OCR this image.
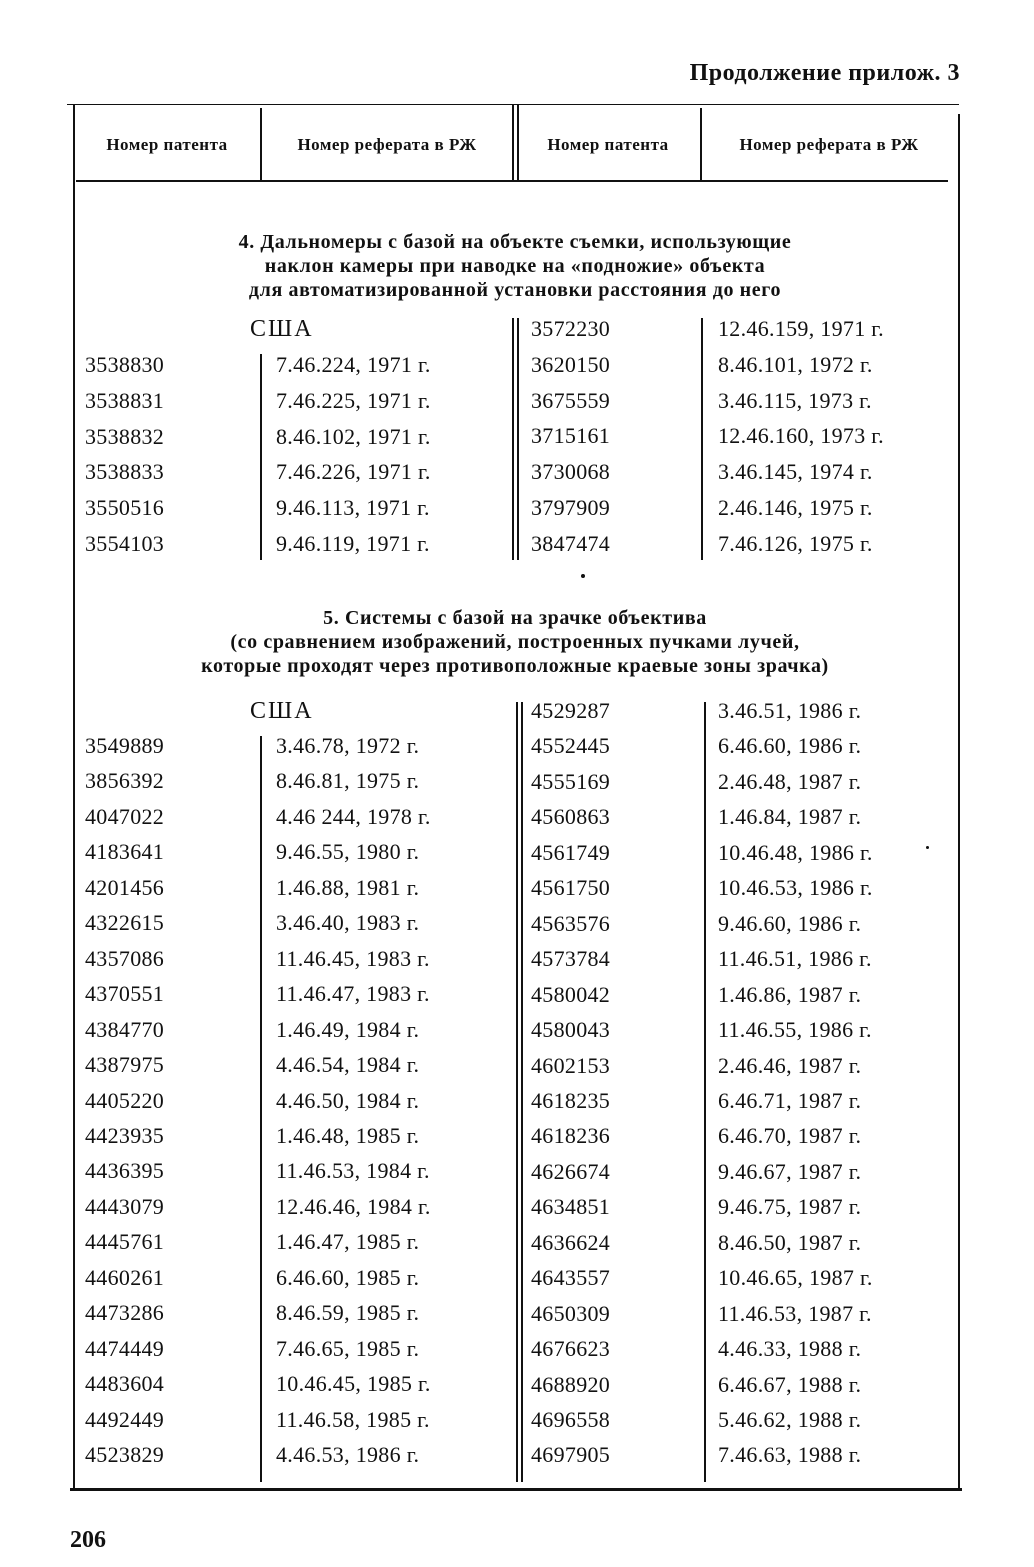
Продолжение прилож. 3
Номер патента	Номер реферата в РЖ	Номер патента	Номер реферата в РЖ
4. Дальномеры с базой на объекте съемки, использующие
наклон камеры при наводке на «подножие» объекта
для автоматизированной установки расстояния до него
США
3538830	7.46.224, 1971 г.
3538831	7.46.225, 1971 г.
3538832	8.46.102, 1971 г.
3538833	7.46.226, 1971 г.
3550516	9.46.113, 1971 г.
3554103	9.46.119, 1971 г.
3572230	12.46.159, 1971 г.
3620150	8.46.101, 1972 г.
3675559	3.46.115, 1973 г.
3715161	12.46.160, 1973 г.
3730068	3.46.145, 1974 г.
3797909	2.46.146, 1975 г.
3847474	7.46.126, 1975 г.
5. Системы с базой на зрачке объектива
(со сравнением изображений, построенных пучками лучей,
которые проходят через противоположные краевые зоны зрачка)
США
3549889	3.46.78, 1972 г.
3856392	8.46.81, 1975 г.
4047022	4.46 244, 1978 г.
4183641	9.46.55, 1980 г.
4201456	1.46.88, 1981 г.
4322615	3.46.40, 1983 г.
4357086	11.46.45, 1983 г.
4370551	11.46.47, 1983 г.
4384770	1.46.49, 1984 г.
4387975	4.46.54, 1984 г.
4405220	4.46.50, 1984 г.
4423935	1.46.48, 1985 г.
4436395	11.46.53, 1984 г.
4443079	12.46.46, 1984 г.
4445761	1.46.47, 1985 г.
4460261	6.46.60, 1985 г.
4473286	8.46.59, 1985 г.
4474449	7.46.65, 1985 г.
4483604	10.46.45, 1985 г.
4492449	11.46.58, 1985 г.
4523829	4.46.53, 1986 г.
4529287	3.46.51, 1986 г.
4552445	6.46.60, 1986 г.
4555169	2.46.48, 1987 г.
4560863	1.46.84, 1987 г.
4561749	10.46.48, 1986 г.
4561750	10.46.53, 1986 г.
4563576	9.46.60, 1986 г.
4573784	11.46.51, 1986 г.
4580042	1.46.86, 1987 г.
4580043	11.46.55, 1986 г.
4602153	2.46.46, 1987 г.
4618235	6.46.71, 1987 г.
4618236	6.46.70, 1987 г.
4626674	9.46.67, 1987 г.
4634851	9.46.75, 1987 г.
4636624	8.46.50, 1987 г.
4643557	10.46.65, 1987 г.
4650309	11.46.53, 1987 г.
4676623	4.46.33, 1988 г.
4688920	6.46.67, 1988 г.
4696558	5.46.62, 1988 г.
4697905	7.46.63, 1988 г.
206
